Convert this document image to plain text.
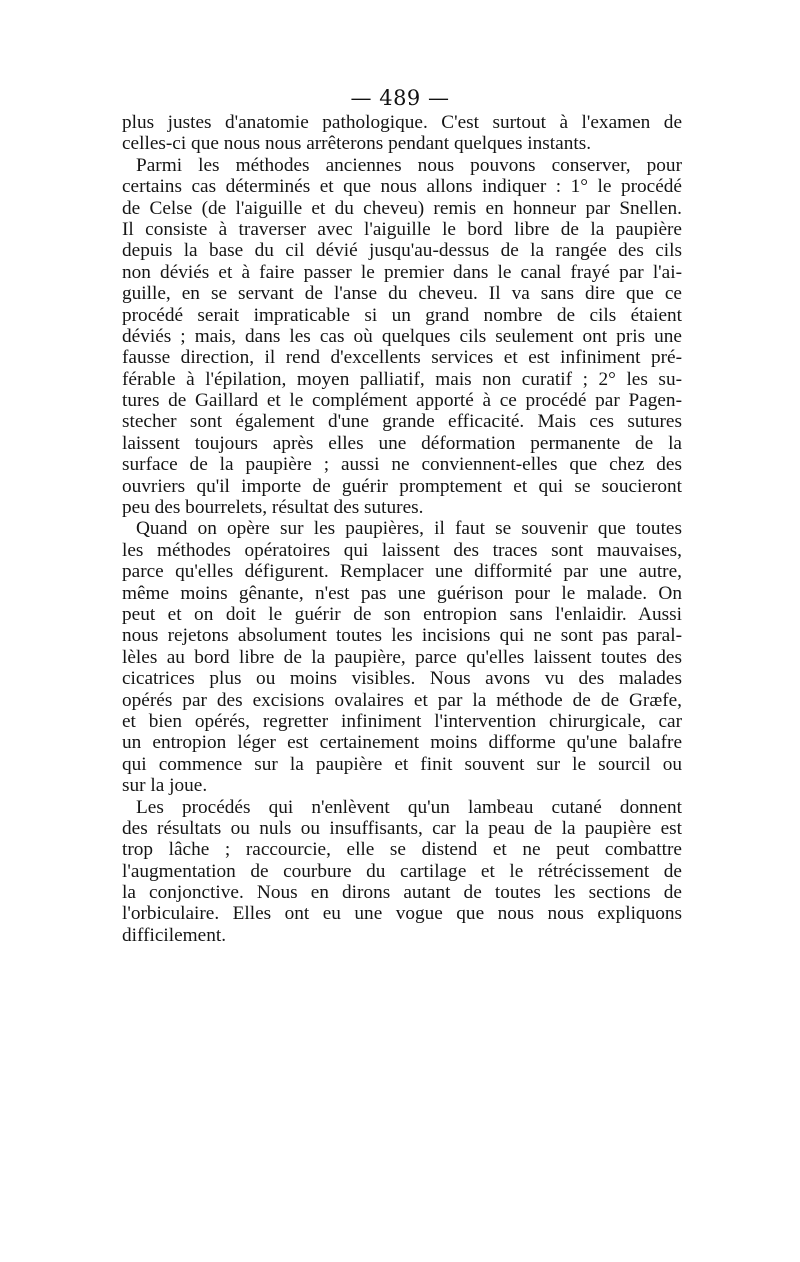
— 489 —
plus justes d'anatomie pathologique. C'est surtout à l'examen de
celles-ci que nous nous arrêterons pendant quelques instants.
Parmi les méthodes anciennes nous pouvons conserver, pour
certains cas déterminés et que nous allons indiquer : 1° le procédé
de Celse (de l'aiguille et du cheveu) remis en honneur par Snellen.
Il consiste à traverser avec l'aiguille le bord libre de la paupière
depuis la base du cil dévié jusqu'au-dessus de la rangée des cils
non déviés et à faire passer le premier dans le canal frayé par l'ai-
guille, en se servant de l'anse du cheveu. Il va sans dire que ce
procédé serait impraticable si un grand nombre de cils étaient
déviés ; mais, dans les cas où quelques cils seulement ont pris une
fausse direction, il rend d'excellents services et est infiniment pré-
férable à l'épilation, moyen palliatif, mais non curatif ; 2° les su-
tures de Gaillard et le complément apporté à ce procédé par Pagen-
stecher sont également d'une grande efficacité. Mais ces sutures
laissent toujours après elles une déformation permanente de la
surface de la paupière ; aussi ne conviennent-elles que chez des
ouvriers qu'il importe de guérir promptement et qui se soucieront
peu des bourrelets, résultat des sutures.
Quand on opère sur les paupières, il faut se souvenir que toutes
les méthodes opératoires qui laissent des traces sont mauvaises,
parce qu'elles défigurent. Remplacer une difformité par une autre,
même moins gênante, n'est pas une guérison pour le malade. On
peut et on doit le guérir de son entropion sans l'enlaidir. Aussi
nous rejetons absolument toutes les incisions qui ne sont pas paral-
lèles au bord libre de la paupière, parce qu'elles laissent toutes des
cicatrices plus ou moins visibles. Nous avons vu des malades
opérés par des excisions ovalaires et par la méthode de de Græfe,
et bien opérés, regretter infiniment l'intervention chirurgicale, car
un entropion léger est certainement moins difforme qu'une balafre
qui commence sur la paupière et finit souvent sur le sourcil ou
sur la joue.
Les procédés qui n'enlèvent qu'un lambeau cutané donnent
des résultats ou nuls ou insuffisants, car la peau de la paupière est
trop lâche ; raccourcie, elle se distend et ne peut combattre
l'augmentation de courbure du cartilage et le rétrécissement de
la conjonctive. Nous en dirons autant de toutes les sections de
l'orbiculaire. Elles ont eu une vogue que nous nous expliquons
difficilement.
